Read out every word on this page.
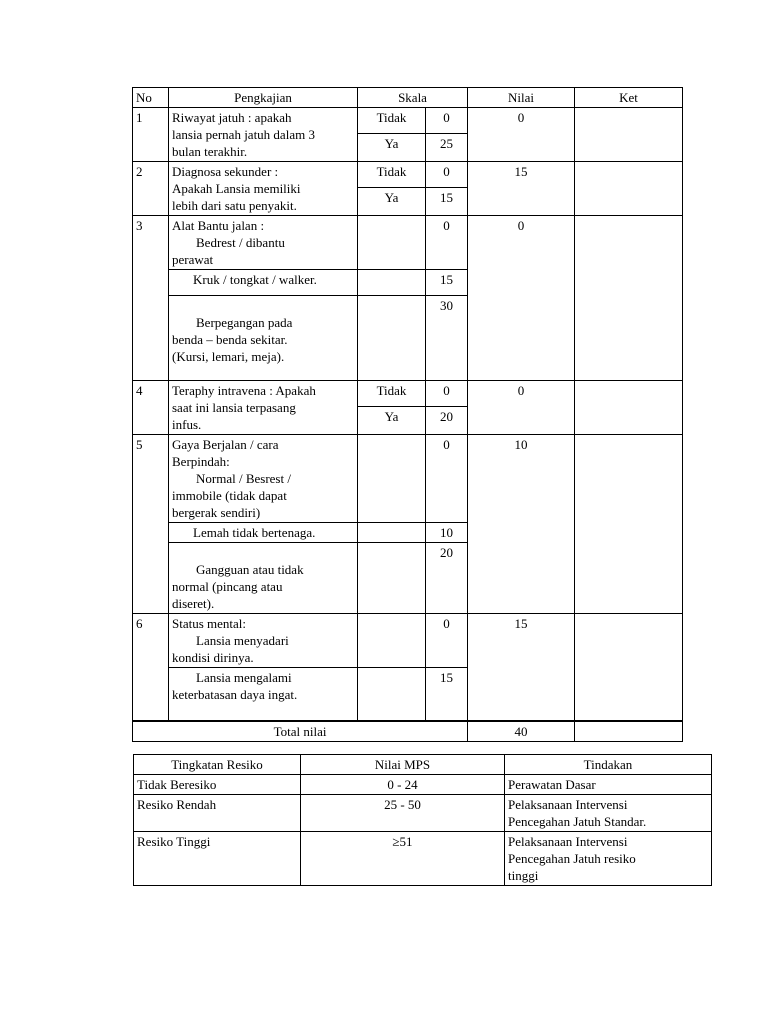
No	Pengkajian	Skala		Nilai	Ket
1	Riwayat jatuh : apakah
lansia pernah jatuh dalam 3
bulan terakhir.	Tidak	0	0	
		Ya	25		
2	Diagnosa sekunder :
Apakah Lansia memiliki
lebih dari satu penyakit.	Tidak	0	15	
		Ya	15		
3	Alat Bantu jalan :
Bedrest / dibantu
perawat		0	0	
	Kruk / tongkat / walker.		15		

Berpegangan pada
benda – benda sekitar.
(Kursi, lemari, meja).		30		
4	Teraphy intravena : Apakah
saat ini lansia terpasang
infus.	Tidak	0	0	
		Ya	20		
5	Gaya Berjalan / cara
Berpindah:
Normal / Besrest /
immobile (tidak dapat
bergerak sendiri)		0	10	
	Lemah tidak bertenaga.		10		

Gangguan atau tidak
normal (pincang atau
diseret).		20		
6	Status mental:
Lansia menyadari
kondisi dirinya.		0	15	
	Lansia mengalami
keterbatasan daya ingat.		15		
Total nilai				40	
Tingkatan Resiko	Nilai MPS	Tindakan
Tidak Beresiko	0 - 24	Perawatan Dasar
Resiko Rendah	25 - 50	Pelaksanaan Intervensi
Pencegahan Jatuh Standar.
Resiko Tinggi	≥51	Pelaksanaan Intervensi
Pencegahan Jatuh resiko
tinggi
